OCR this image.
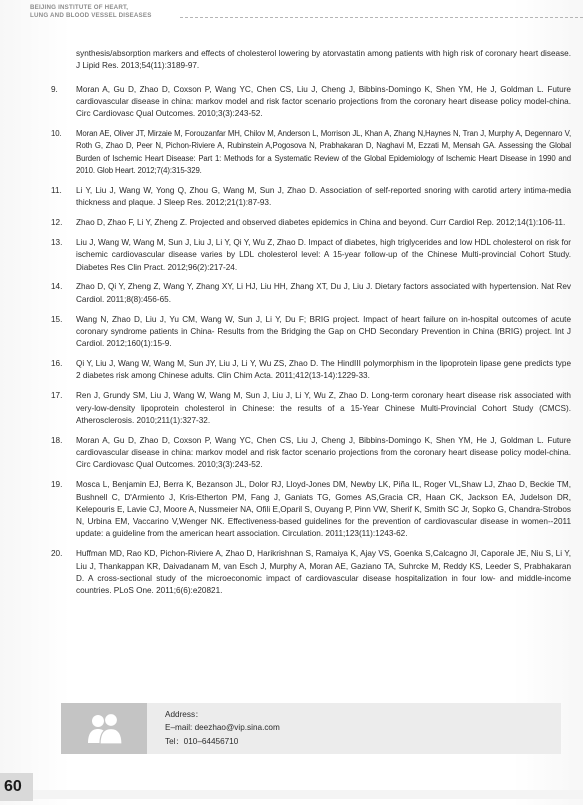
BEIJING INSTITUTE OF HEART,
LUNG AND BLOOD VESSEL DISEASES
synthesis/absorption markers and effects of cholesterol lowering by atorvastatin among patients with high risk of coronary heart disease. J Lipid Res. 2013;54(11):3189-97.
9.	Moran A, Gu D, Zhao D, Coxson P, Wang YC, Chen CS, Liu J, Cheng J, Bibbins-Domingo K, Shen YM, He J, Goldman L. Future cardiovascular disease in china: markov model and risk factor scenario projections from the coronary heart disease policy model-china. Circ Cardiovasc Qual Outcomes. 2010;3(3):243-52.
10.	Moran AE, Oliver JT, Mirzaie M, Forouzanfar MH, Chilov M, Anderson L, Morrison JL, Khan A, Zhang N,Haynes N, Tran J, Murphy A, Degennaro V, Roth G, Zhao D, Peer N, Pichon-Riviere A, Rubinstein A,Pogosova N, Prabhakaran D, Naghavi M, Ezzati M, Mensah GA. Assessing the Global Burden of Ischemic Heart Disease: Part 1: Methods for a Systematic Review of the Global Epidemiology of Ischemic Heart Disease in 1990 and 2010. Glob Heart. 2012;7(4):315-329.
11.	Li Y, Liu J, Wang W, Yong Q, Zhou G, Wang M, Sun J, Zhao D. Association of self-reported snoring with carotid artery intima-media thickness and plaque. J Sleep Res. 2012;21(1):87-93.
12.	Zhao D, Zhao F, Li Y, Zheng Z. Projected and observed diabetes epidemics in China and beyond. Curr Cardiol Rep. 2012;14(1):106-11.
13.	Liu J, Wang W, Wang M, Sun J, Liu J, Li Y, Qi Y, Wu Z, Zhao D. Impact of diabetes, high triglycerides and low HDL cholesterol on risk for ischemic cardiovascular disease varies by LDL cholesterol level: A 15-year follow-up of the Chinese Multi-provincial Cohort Study. Diabetes Res Clin Pract. 2012;96(2):217-24.
14.	Zhao D, Qi Y, Zheng Z, Wang Y, Zhang XY, Li HJ, Liu HH, Zhang XT, Du J, Liu J. Dietary factors associated with hypertension. Nat Rev Cardiol. 2011;8(8):456-65.
15.	Wang N, Zhao D, Liu J, Yu CM, Wang W, Sun J, Li Y, Du F; BRIG project. Impact of heart failure on in-hospital outcomes of acute coronary syndrome patients in China- Results from the Bridging the Gap on CHD Secondary Prevention in China (BRIG) project. Int J Cardiol. 2012;160(1):15-9.
16.	Qi Y, Liu J, Wang W, Wang M, Sun JY, Liu J, Li Y, Wu ZS, Zhao D. The HindIII polymorphism in the lipoprotein lipase gene predicts type 2 diabetes risk among Chinese adults. Clin Chim Acta. 2011;412(13-14):1229-33.
17.	Ren J, Grundy SM, Liu J, Wang W, Wang M, Sun J, Liu J, Li Y, Wu Z, Zhao D. Long-term coronary heart disease risk associated with very-low-density lipoprotein cholesterol in Chinese: the results of a 15-Year Chinese Multi-Provincial Cohort Study (CMCS). Atherosclerosis. 2010;211(1):327-32.
18.	Moran A, Gu D, Zhao D, Coxson P, Wang YC, Chen CS, Liu J, Cheng J, Bibbins-Domingo K, Shen YM, He J, Goldman L. Future cardiovascular disease in china: markov model and risk factor scenario projections from the coronary heart disease policy model-china. Circ Cardiovasc Qual Outcomes. 2010;3(3):243-52.
19.	Mosca L, Benjamin EJ, Berra K, Bezanson JL, Dolor RJ, Lloyd-Jones DM, Newby LK, Piña IL, Roger VL,Shaw LJ, Zhao D, Beckie TM, Bushnell C, D'Armiento J, Kris-Etherton PM, Fang J, Ganiats TG, Gomes AS,Gracia CR, Haan CK, Jackson EA, Judelson DR, Kelepouris E, Lavie CJ, Moore A, Nussmeier NA, Ofili E,Oparil S, Ouyang P, Pinn VW, Sherif K, Smith SC Jr, Sopko G, Chandra-Strobos N, Urbina EM, Vaccarino V,Wenger NK. Effectiveness-based guidelines for the prevention of cardiovascular disease in women--2011 update: a guideline from the american heart association. Circulation. 2011;123(11):1243-62.
20.	Huffman MD, Rao KD, Pichon-Riviere A, Zhao D, Harikrishnan S, Ramaiya K, Ajay VS, Goenka S,Calcagno JI, Caporale JE, Niu S, Li Y, Liu J, Thankappan KR, Daivadanam M, van Esch J, Murphy A, Moran AE, Gaziano TA, Suhrcke M, Reddy KS, Leeder S, Prabhakaran D. A cross-sectional study of the microeconomic impact of cardiovascular disease hospitalization in four low- and middle-income countries. PLoS One. 2011;6(6):e20821.
Address：
E–mail: deezhao@vip.sina.com
Tel：010–64456710
60
